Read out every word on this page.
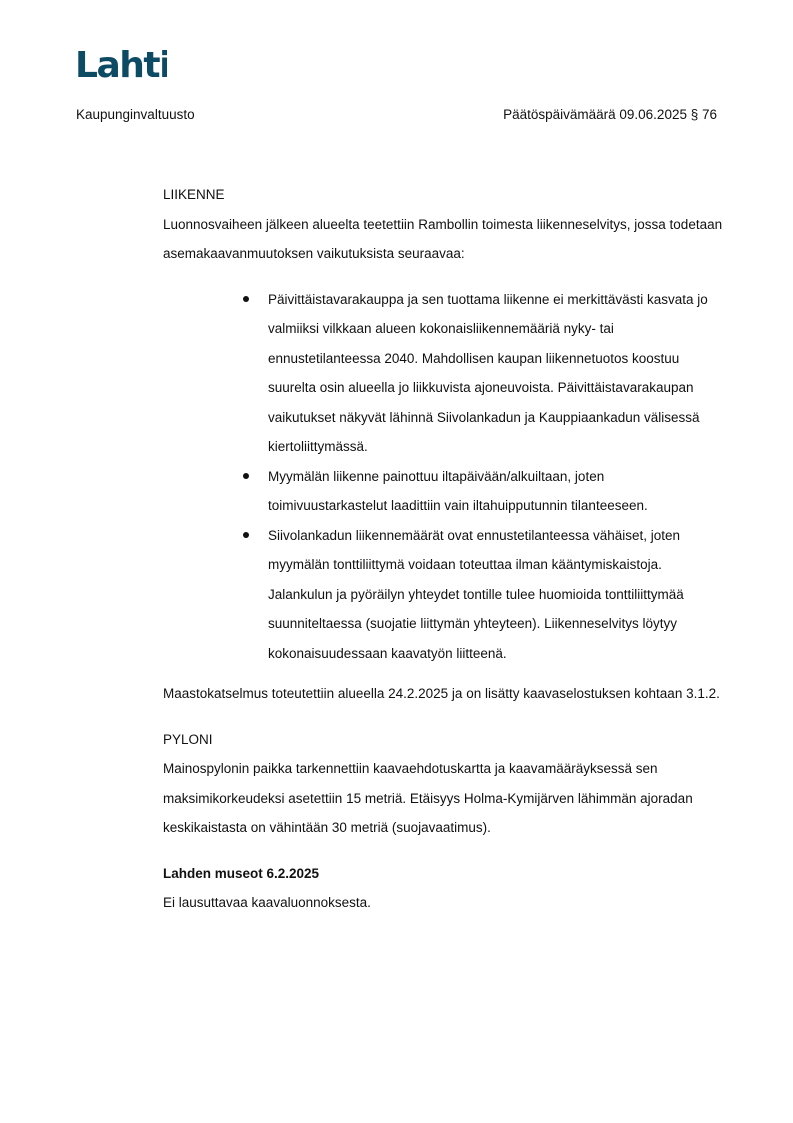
Lahti
Kaupunginvaltuusto	Päätöspäivämäärä 09.06.2025 § 76

LIIKENNE

Luonnosvaiheen jälkeen alueelta teetettiin Rambollin toimesta liikenneselvitys, jossa todetaan asemakaavanmuutoksen vaikutuksista seuraavaa:

Päivittäistavarakauppa ja sen tuottama liikenne ei merkittävästi kasvata jo valmiiksi vilkkaan alueen kokonaisliikennemääriä nyky- tai ennustetilanteessa 2040. Mahdollisen kaupan liikennetuotos koostuu suurelta osin alueella jo liikkuvista ajoneuvoista. Päivittäistavarakaupan vaikutukset näkyvät lähinnä Siivolankadun ja Kauppiaankadun välisessä kiertoliittymässä.
Myymälän liikenne painottuu iltapäivään/alkuiltaan, joten toimivuustarkastelut laadittiin vain iltahuipputunnin tilanteeseen.
Siivolankadun liikennemäärät ovat ennustetilanteessa vähäiset, joten myymälän tonttiliittymä voidaan toteuttaa ilman kääntymiskaistoja. Jalankulun ja pyöräilyn yhteydet tontille tulee huomioida tonttiliittymää suunniteltaessa (suojatie liittymän yhteyteen). Liikenneselvitys löytyy kokonaisuudessaan kaavatyön liitteenä.

Maastokatselmus toteutettiin alueella 24.2.2025 ja on lisätty kaavaselostuksen kohtaan 3.1.2.

PYLONI

Mainospylonin paikka tarkennettiin kaavaehdotuskartta ja kaavamääräyksessä sen maksimikorkeudeksi asetettiin 15 metriä. Etäisyys Holma-Kymijärven lähimmän ajoradan keskikaistasta on vähintään 30 metriä (suojavaatimus).

Lahden museot 6.2.2025

Ei lausuttavaa kaavaluonnoksesta.
